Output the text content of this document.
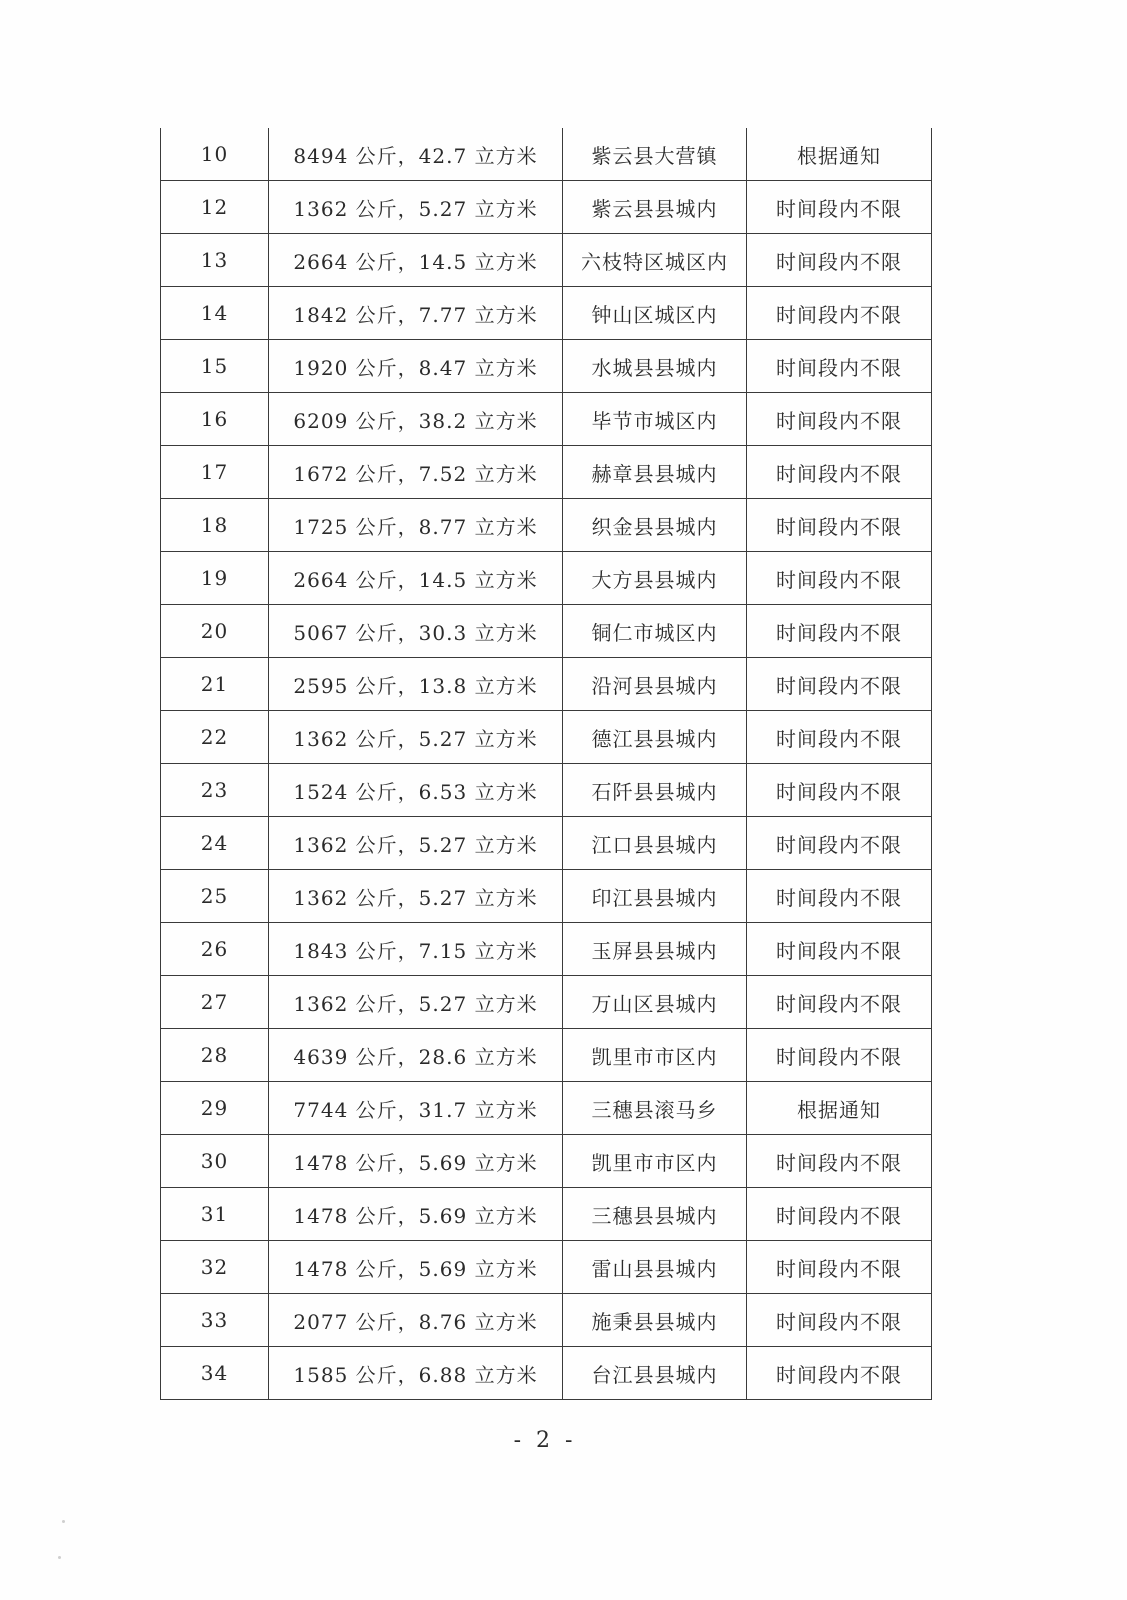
10	8494 公斤，42.7 立方米	紫云县大营镇	根据通知
12	1362 公斤，5.27 立方米	紫云县县城内	时间段内不限
13	2664 公斤，14.5 立方米	六枝特区城区内	时间段内不限
14	1842 公斤，7.77 立方米	钟山区城区内	时间段内不限
15	1920 公斤，8.47 立方米	水城县县城内	时间段内不限
16	6209 公斤，38.2 立方米	毕节市城区内	时间段内不限
17	1672 公斤，7.52 立方米	赫章县县城内	时间段内不限
18	1725 公斤，8.77 立方米	织金县县城内	时间段内不限
19	2664 公斤，14.5 立方米	大方县县城内	时间段内不限
20	5067 公斤，30.3 立方米	铜仁市城区内	时间段内不限
21	2595 公斤，13.8 立方米	沿河县县城内	时间段内不限
22	1362 公斤，5.27 立方米	德江县县城内	时间段内不限
23	1524 公斤，6.53 立方米	石阡县县城内	时间段内不限
24	1362 公斤，5.27 立方米	江口县县城内	时间段内不限
25	1362 公斤，5.27 立方米	印江县县城内	时间段内不限
26	1843 公斤，7.15 立方米	玉屏县县城内	时间段内不限
27	1362 公斤，5.27 立方米	万山区县城内	时间段内不限
28	4639 公斤，28.6 立方米	凯里市市区内	时间段内不限
29	7744 公斤，31.7 立方米	三穗县滚马乡	根据通知
30	1478 公斤，5.69 立方米	凯里市市区内	时间段内不限
31	1478 公斤，5.69 立方米	三穗县县城内	时间段内不限
32	1478 公斤，5.69 立方米	雷山县县城内	时间段内不限
33	2077 公斤，8.76 立方米	施秉县县城内	时间段内不限
34	1585 公斤，6.88 立方米	台江县县城内	时间段内不限
- 2 -
